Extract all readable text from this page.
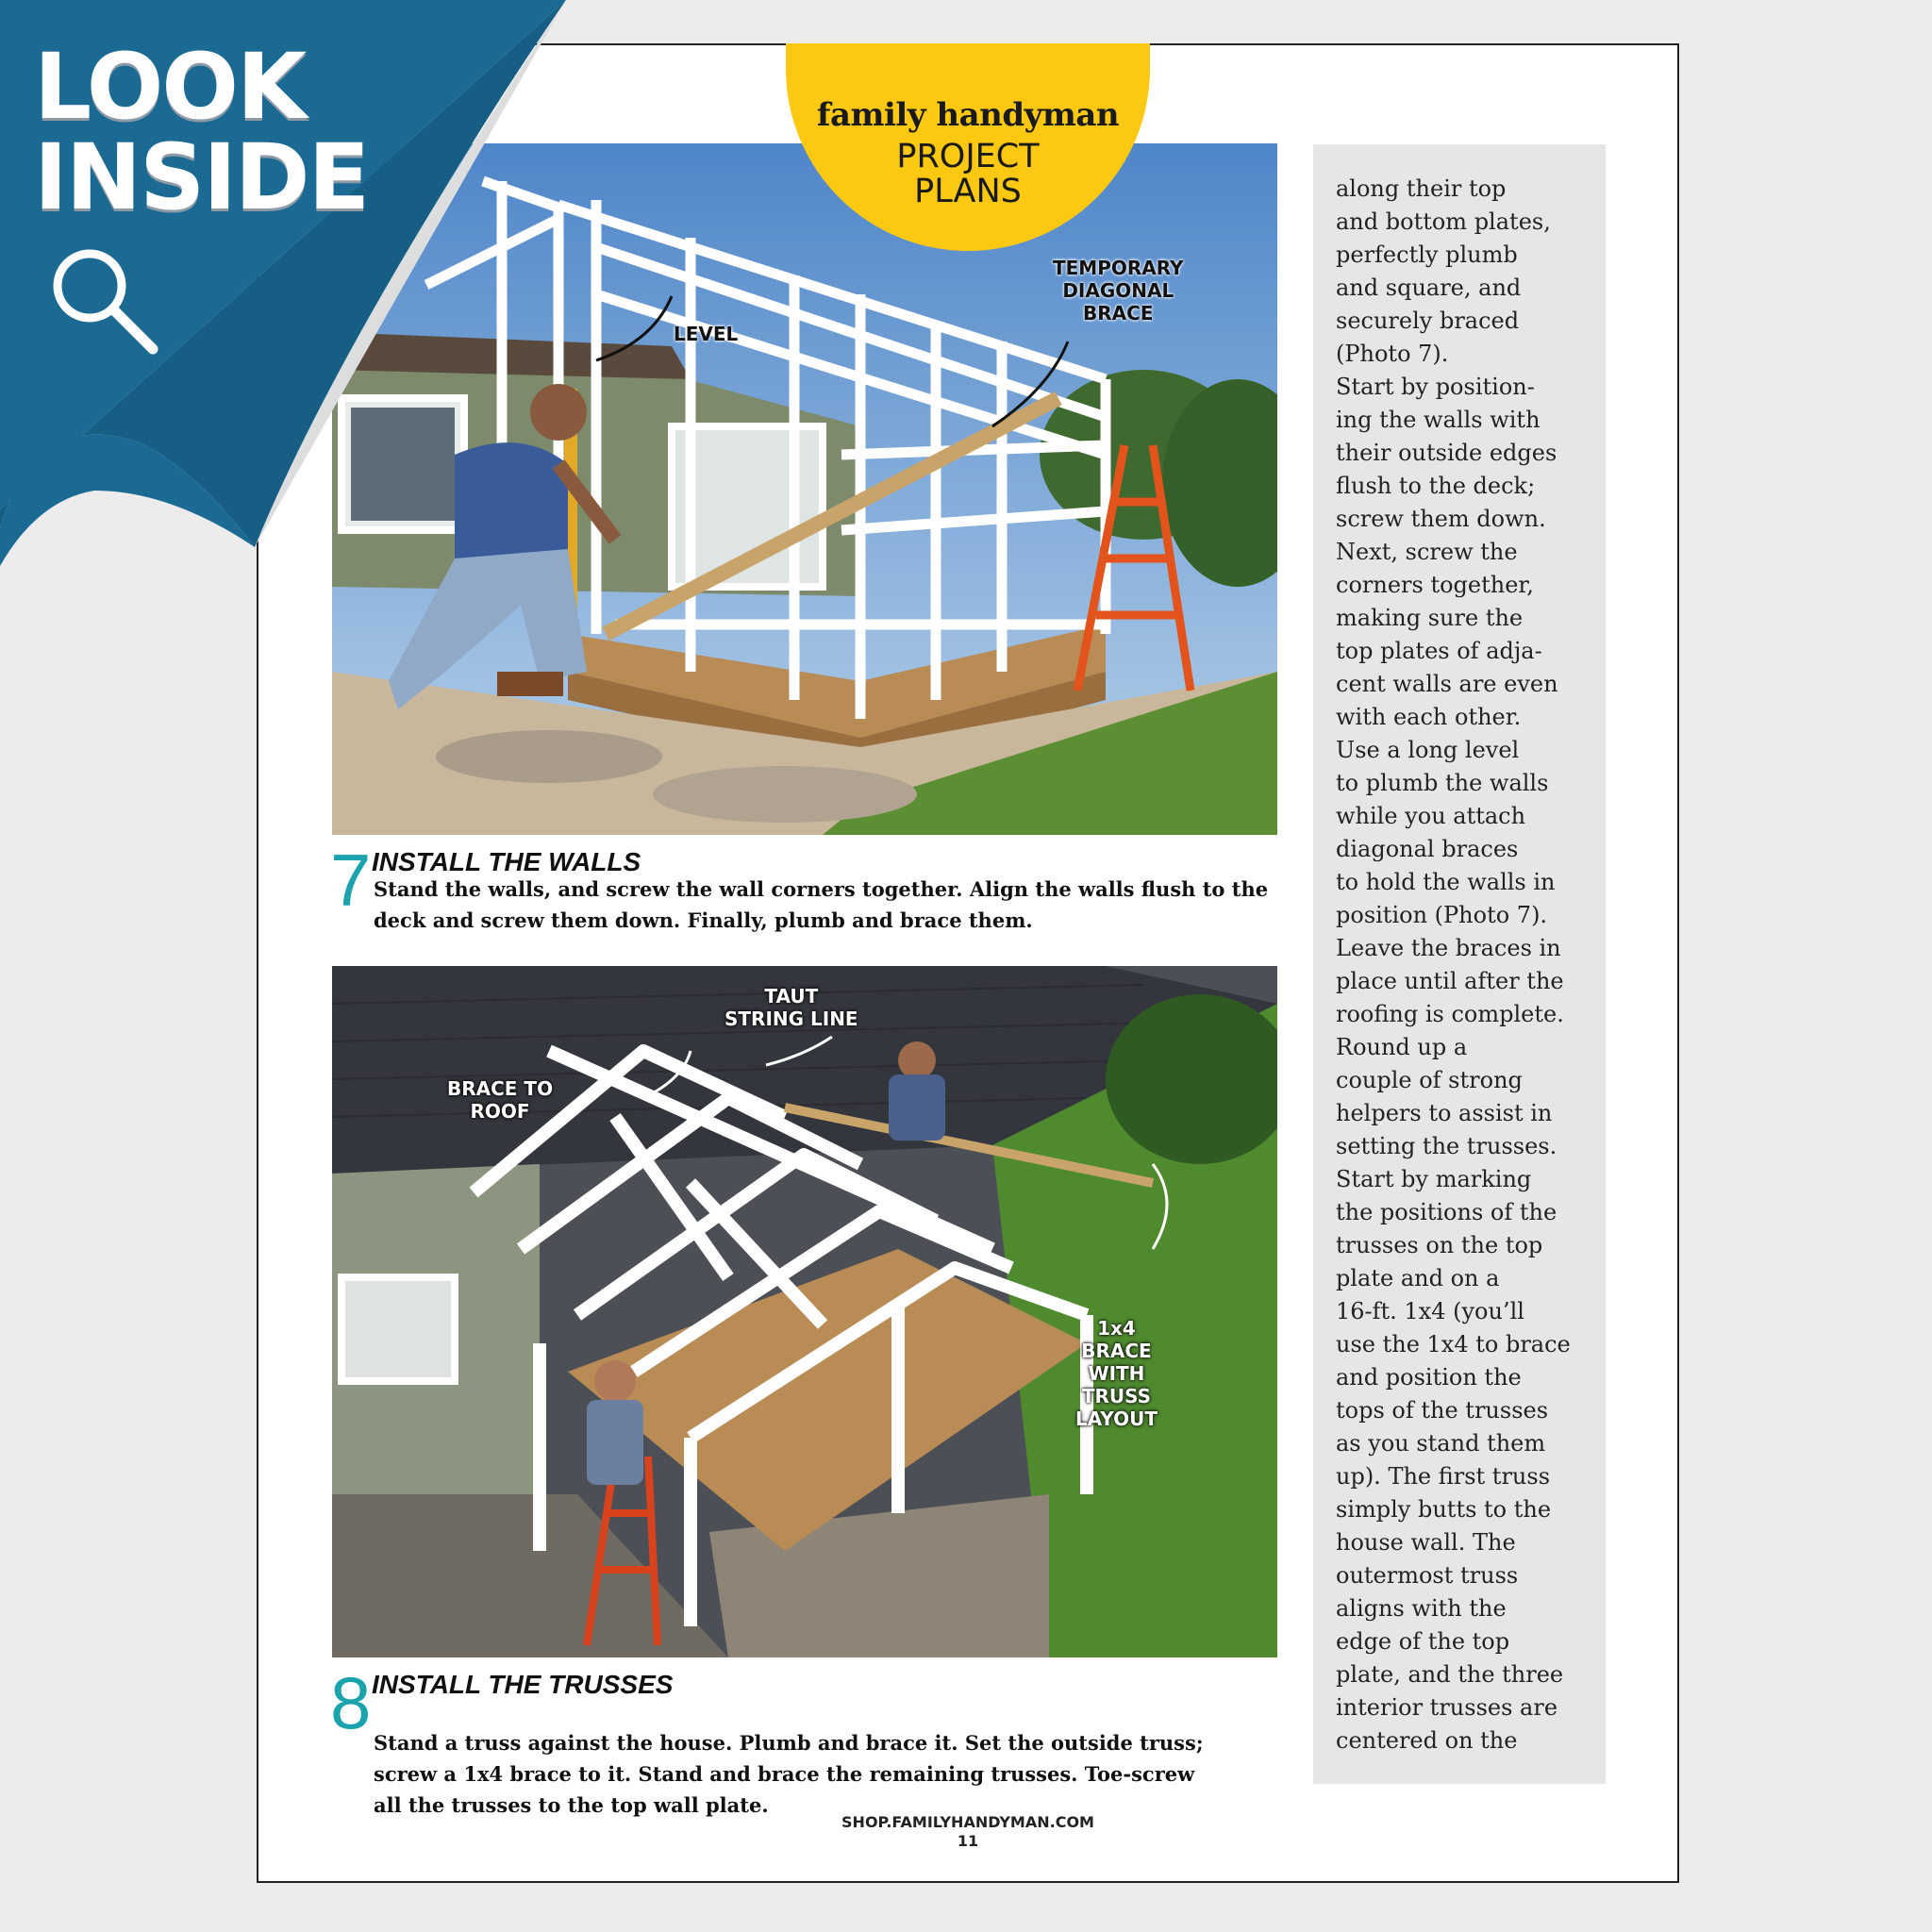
family handyman
PROJECT
PLANS
LEVEL
TEMPORARY
DIAGONAL
BRACE
7 INSTALL THE WALLS
Stand the walls, and screw the wall corners together. Align the walls flush to the
deck and screw them down. Finally, plumb and brace them.
TAUT
STRING LINE
BRACE TO
ROOF
1x4
BRACE
WITH
TRUSS
LAYOUT
8 INSTALL THE TRUSSES

Stand a truss against the house. Plumb and brace it. Set the outside truss;
screw a 1x4 brace to it. Stand and brace the remaining trusses. Toe-screw
all the trusses to the top wall plate.

along their top
and bottom plates,
perfectly plumb
and square, and
securely braced
(Photo 7).
Start by position-
ing the walls with
their outside edges
flush to the deck;
screw them down.
Next, screw the
corners together,
making sure the
top plates of adja-
cent walls are even
with each other.
Use a long level
to plumb the walls
while you attach
diagonal braces
to hold the walls in
position (Photo 7).
Leave the braces in
place until after the
roofing is complete.
Round up a
couple of strong
helpers to assist in
setting the trusses.
Start by marking
the positions of the
trusses on the top
plate and on a
16-ft. 1x4 (you’ll
use the 1x4 to brace
and position the
tops of the trusses
as you stand them
up). The first truss
simply butts to the
house wall. The
outermost truss
aligns with the
edge of the top
plate, and the three
interior trusses are
centered on the
SHOP.FAMILYHANDYMAN.COM
11
LOOK
INSIDE
